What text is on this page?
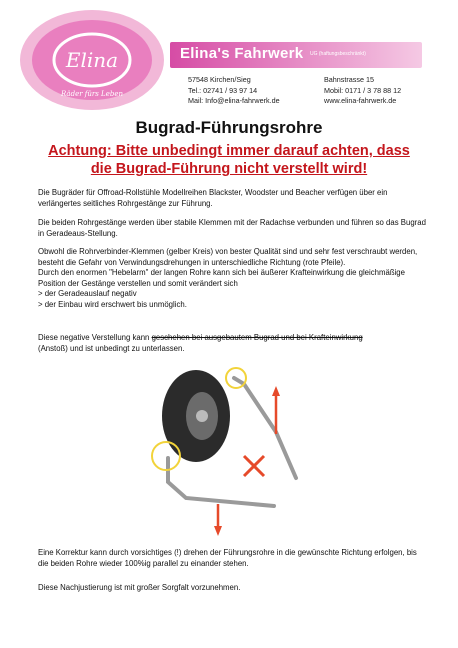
Elina
Räder fürs Leben
Elina's Fahrwerk UG (haftungsbeschränkt)
57548 Kirchen/Sieg
Tel.: 02741 / 93 97 14
Mail: Info@elina-fahrwerk.de
Bahnstrasse 15
Mobil: 0171 / 3 78 88 12
www.elina-fahrwerk.de
Bugrad-Führungsrohre
Achtung: Bitte unbedingt immer darauf achten, dass die Bugrad-Führung nicht verstellt wird!
Die Bugräder für Offroad-Rollstühle Modellreihen Blackster, Woodster und Beacher verfügen über ein verlängertes seitliches Rohrgestänge zur Führung.
Die beiden Rohrgestänge werden über stabile Klemmen mit der Radachse verbunden und führen so das Bugrad in Geradeaus-Stellung.
Obwohl die Rohrverbinder-Klemmen (gelber Kreis) von bester Qualität sind und sehr fest verschraubt werden, besteht die Gefahr von Verwindungsdrehungen in unterschiedliche Richtung (rote Pfeile).
Durch den enormen "Hebelarm" der langen Rohre kann sich bei äußerer Krafteinwirkung die gleichmäßige Position der Gestänge verstellen und somit verändert sich
> der Geradeauslauf negativ
> der Einbau wird erschwert bis unmöglich.
Diese negative Verstellung kann geschehen bei ausgebautem Bugrad und bei Krafteinwirkung
(Anstoß) und ist unbedingt zu unterlassen.
Eine Korrektur kann durch vorsichtiges (!) drehen der Führungsrohre in die gewünschte Richtung erfolgen, bis die beiden Rohre wieder 100%ig parallel zu einander stehen.
Diese Nachjustierung ist mit großer Sorgfalt vorzunehmen.
